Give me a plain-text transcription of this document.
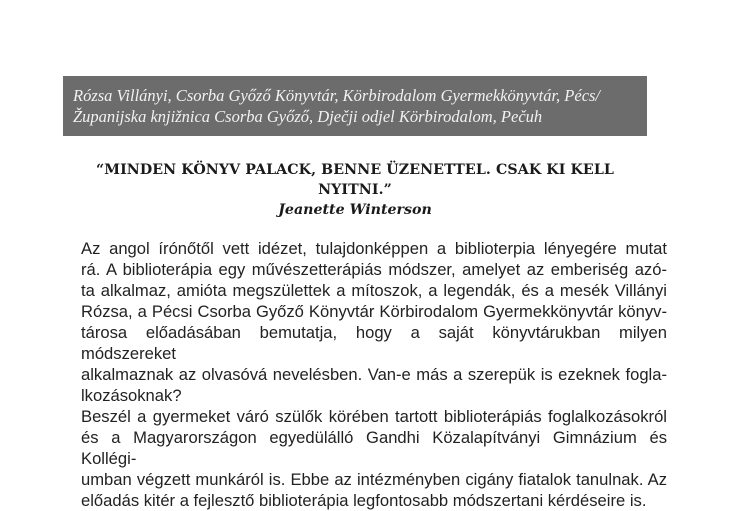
Rózsa Villányi, Csorba Győző Könyvtár, Körbirodalom Gyermekkönyvtár, Pécs/
Županijska knjižnica Csorba Győző, Dječji odjel Körbirodalom, Pečuh
“MINDEN KÖNYV PALACK, BENNE ÜZENETTEL. CSAK KI KELL
NYITNI.”
Jeanette Winterson
Az angol írónőtől vett idézet, tulajdonképpen a biblioterpia lényegére mutat
rá. A biblioterápia egy művészetterápiás módszer, amelyet az emberiség azó-
ta alkalmaz, amióta megszülettek a mítoszok, a legendák, és a mesék Villányi
Rózsa, a Pécsi Csorba Győző Könyvtár Körbirodalom Gyermekkönyvtár könyv-
tárosa előadásában bemutatja, hogy a saját könyvtárukban milyen módszereket
alkalmaznak az olvasóvá nevelésben. Van-e más a szerepük is ezeknek fogla-
lkozásoknak?
Beszél a gyermeket váró szülők körében tartott biblioterápiás foglalkozásokról
és a Magyarországon egyedülálló Gandhi Közalapítványi Gimnázium és Kollégi-
umban végzett munkáról is. Ebbe az intézményben cigány fiatalok tanulnak. Az
előadás kitér a fejlesztő biblioterápia legfontosabb módszertani kérdéseire is.
